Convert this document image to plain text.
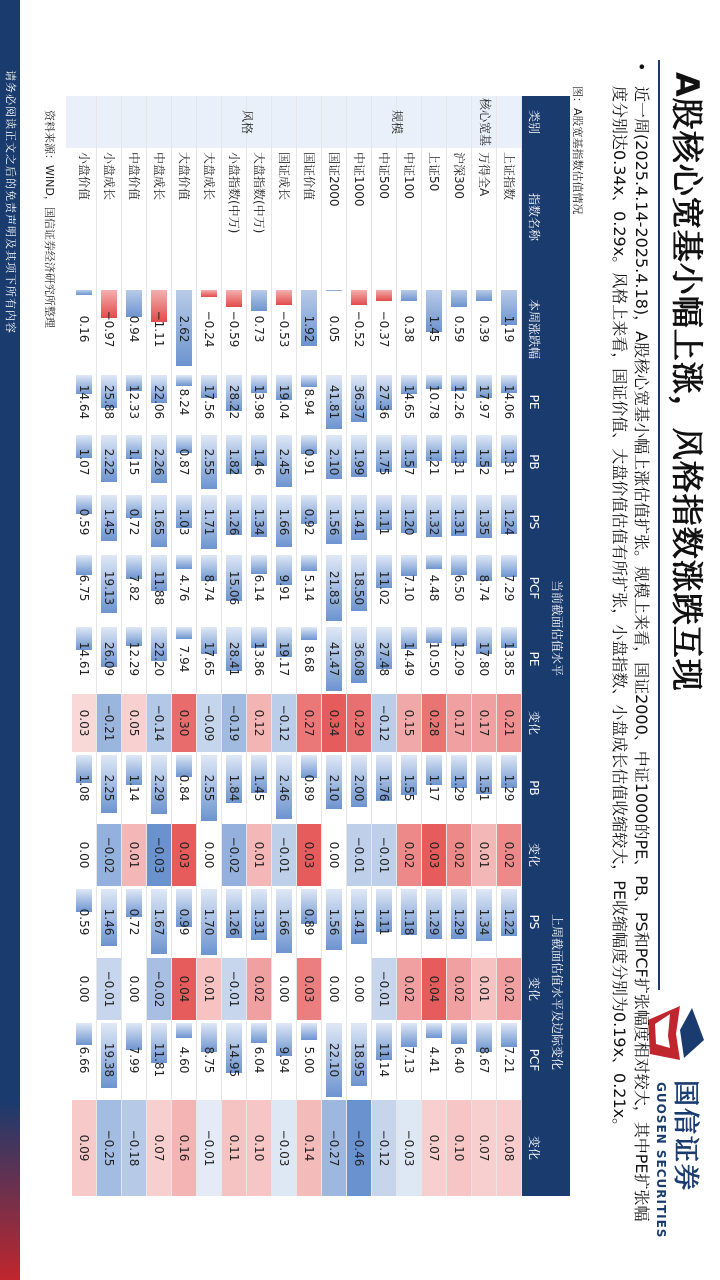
A股核心宽基小幅上涨，风格指数涨跌互现
国信证券
GUOSEN SECURITIES
•
近一周(2025.4.14-2025.4.18)，A股核心宽基小幅上涨估值扩张。规模上来看，国证2000、中证1000的PE、PB、PS和PCF扩张幅度相对较大，其中PE扩张幅度分别达0.34x、0.29x。风格上来看，国证价值、大盘价值估值有所扩张，小盘指数、小盘成长估值收缩较大，PE收缩幅度分别为0.19x、0.21x。
图：A股宽基指数估值情况
当前截面估值水平
上周截面估值水平及边际变化
类别
指数名称
本周涨跌幅
PE
PB
PS
PCF
PE
变化
PB
变化
PS
变化
PCF
变化
上证指数
1.19
14.06
1.31
1.24
7.29
13.85
0.21
1.29
0.02
1.22
0.02
7.21
0.08
万得全A
0.39
17.97
1.52
1.35
8.74
17.80
0.17
1.51
0.01
1.34
0.01
8.67
0.07
沪深300
0.59
12.26
1.31
1.31
6.50
12.09
0.17
1.29
0.02
1.29
0.02
6.40
0.10
上证50
1.45
10.78
1.21
1.32
4.48
10.50
0.28
1.17
0.03
1.29
0.04
4.41
0.07
中证100
0.38
14.65
1.57
1.20
7.10
14.49
0.15
1.55
0.02
1.18
0.02
7.13
−0.03
中证500
−0.37
27.36
1.75
1.11
11.02
27.48
−0.12
1.76
−0.01
1.11
−0.01
11.14
−0.12
中证1000
−0.52
36.37
1.99
1.41
18.50
36.08
0.29
2.00
−0.01
1.41
0.00
18.95
−0.46
国证2000
0.05
41.81
2.10
1.56
21.83
41.47
0.34
2.10
0.00
1.56
0.00
22.10
−0.27
国证价值
1.92
8.94
0.91
0.92
5.14
8.68
0.27
0.89
0.03
0.89
0.03
5.00
0.14
国证成长
−0.53
19.04
2.45
1.66
9.91
19.17
−0.12
2.46
−0.01
1.66
0.00
9.94
−0.03
大盘指数(中万)
0.73
13.98
1.46
1.34
6.14
13.86
0.12
1.45
0.01
1.31
0.02
6.04
0.10
小盘指数(中万)
−0.59
28.22
1.82
1.26
15.06
28.41
−0.19
1.84
−0.02
1.26
−0.01
14.95
0.11
大盘成长
−0.24
17.56
2.55
1.71
8.74
17.65
−0.09
2.55
0.00
1.70
0.01
8.75
−0.01
大盘价值
2.62
8.24
0.87
1.03
4.76
7.94
0.30
0.84
0.03
0.99
0.04
4.60
0.16
中盘成长
−1.11
22.06
2.26
1.65
11.88
22.20
−0.14
2.29
−0.03
1.67
−0.02
11.81
0.07
中盘价值
0.94
12.33
1.15
0.72
7.82
12.29
0.05
1.14
0.01
0.72
0.00
7.99
−0.18
小盘成长
−0.97
25.88
2.22
1.45
19.13
26.09
−0.21
2.25
−0.02
1.46
−0.01
19.38
−0.25
小盘价值
0.16
14.64
1.07
0.59
6.75
14.61
0.03
1.08
0.00
0.59
0.00
6.66
0.09
核心宽基
规模
风格
资料来源：WIND，国信证券经济研究所整理
请务必阅读正文之后的免责声明及其项下所有内容
